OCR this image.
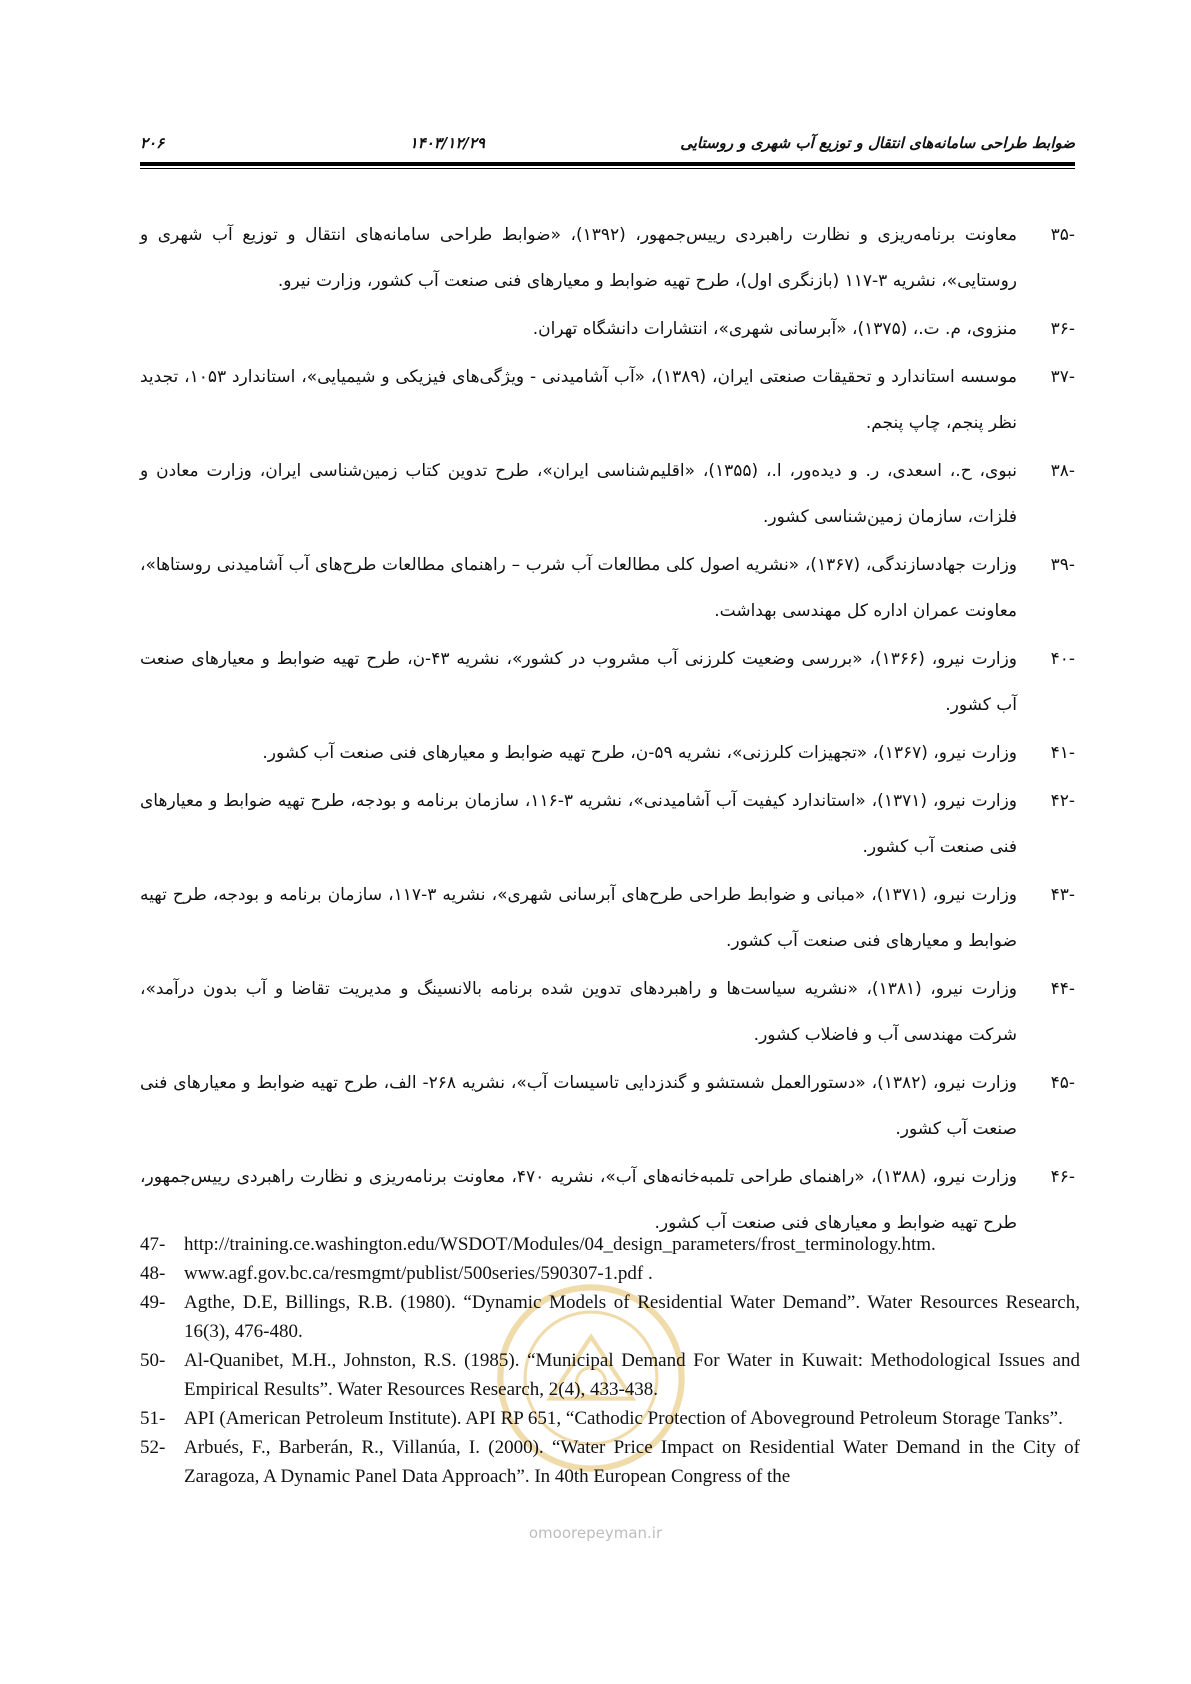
ضوابط طراحی سامانه‌های انتقال و توزیع آب شهری و روستایی
۱۴۰۳/۱۲/۲۹
۲۰۶
-۳۵
معاونت برنامه‌ریزی و نظارت راهبردی رییس‌جمهور، (۱۳۹۲)، «ضوابط طراحی سامانه‌های انتقال و توزیع آب شهری و روستایی»، نشریه ۳-۱۱۷ (بازنگری اول)، طرح تهیه ضوابط و معیارهای فنی صنعت آب کشور، وزارت نیرو.
-۳۶
منزوی، م. ت.، (۱۳۷۵)، «آبرسانی شهری»، انتشارات دانشگاه تهران.
-۳۷
موسسه استاندارد و تحقیقات صنعتی ایران، (۱۳۸۹)، «آب آشامیدنی - ویژگی‌های فیزیکی و شیمیایی»، استاندارد ۱۰۵۳، تجدید نظر پنجم، چاپ پنجم.
-۳۸
نبوی، ح.، اسعدی، ر. و دیده‌ور، ا.، (۱۳۵۵)، «اقلیم‌شناسی ایران»، طرح تدوین کتاب زمین‌شناسی ایران، وزارت معادن و فلزات، سازمان زمین‌شناسی کشور.
-۳۹
وزارت جهادسازندگی، (۱۳۶۷)، «نشریه اصول کلی مطالعات آب شرب – راهنمای مطالعات طرح‌های آب آشامیدنی روستاها»، معاونت عمران اداره کل مهندسی بهداشت.
-۴۰
وزارت نیرو، (۱۳۶۶)، «بررسی وضعیت کلرزنی آب مشروب در کشور»، نشریه ۴۳-ن، طرح تهیه ضوابط و معیارهای صنعت آب کشور.
-۴۱
وزارت نیرو، (۱۳۶۷)، «تجهیزات کلرزنی»، نشریه ۵۹-ن، طرح تهیه ضوابط و معیارهای فنی صنعت آب کشور.
-۴۲
وزارت نیرو، (۱۳۷۱)، «استاندارد کیفیت آب آشامیدنی»، نشریه ۳-۱۱۶، سازمان برنامه و بودجه، طرح تهیه ضوابط و معیارهای فنی صنعت آب کشور.
-۴۳
وزارت نیرو، (۱۳۷۱)، «مبانی و ضوابط طراحی طرح‌های آبرسانی شهری»، نشریه ۳-۱۱۷، سازمان برنامه و بودجه، طرح تهیه ضوابط و معیارهای فنی صنعت آب کشور.
-۴۴
وزارت نیرو، (۱۳۸۱)، «نشریه سیاست‌ها و راهبردهای تدوین شده برنامه بالانسینگ و مدیریت تقاضا و آب بدون درآمد»، شرکت مهندسی آب و فاضلاب کشور.
-۴۵
وزارت نیرو، (۱۳۸۲)، «دستورالعمل شستشو و گندزدایی تاسیسات آب»، نشریه ۲۶۸- الف، طرح تهیه ضوابط و معیارهای فنی صنعت آب کشور.
-۴۶
وزارت نیرو، (۱۳۸۸)، «راهنمای طراحی تلمبه‌خانه‌های آب»، نشریه ۴۷۰، معاونت برنامه‌ریزی و نظارت راهبردی رییس‌جمهور، طرح تهیه ضوابط و معیارهای فنی صنعت آب کشور.
omoorepeyman.ir
47- http://training.ce.washington.edu/WSDOT/Modules/04_design_parameters/frost_terminology.htm.
48- www.agf.gov.bc.ca/resmgmt/publist/500series/590307-1.pdf .
49- Agthe, D.E, Billings, R.B. (1980). “Dynamic Models of Residential Water Demand”. Water Resources Research, 16(3), 476-480.
50- Al-Quanibet, M.H., Johnston, R.S. (1985). “Municipal Demand For Water in Kuwait: Methodological Issues and Empirical Results”. Water Resources Research, 2(4), 433-438.
51- API (American Petroleum Institute). API RP 651, “Cathodic Protection of Aboveground Petroleum Storage Tanks”.
52- Arbués, F., Barberán, R., Villanúa, I. (2000). “Water Price Impact on Residential Water Demand in the City of Zaragoza, A Dynamic Panel Data Approach”. In 40th European Congress of the
